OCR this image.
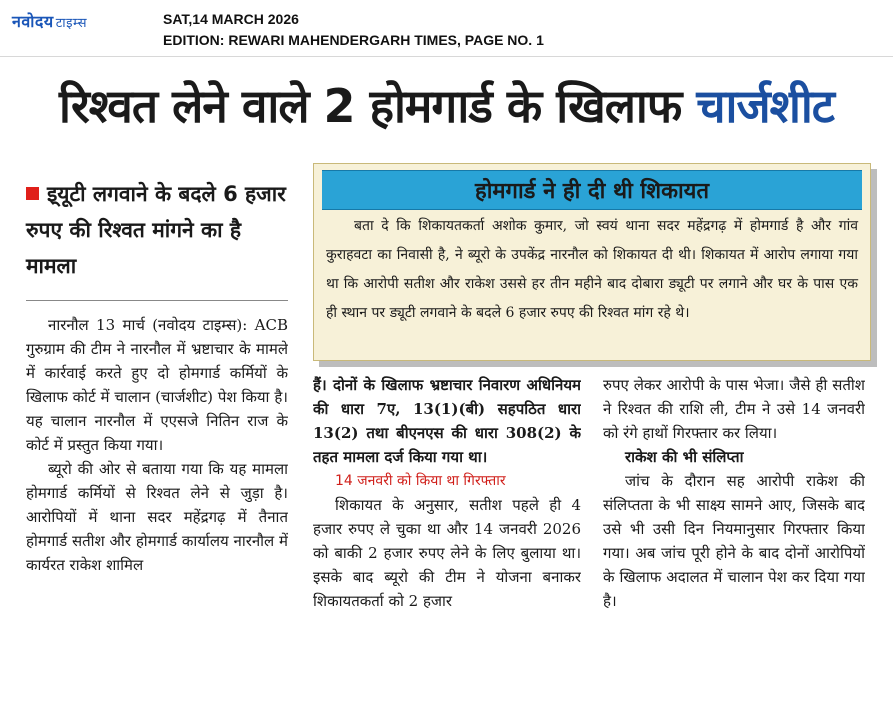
नवोदय टाइम्स	SAT,14 MARCH 2026
EDITION: REWARI MAHENDERGARH TIMES, PAGE NO. 1
रिश्वत लेने वाले 2 होमगार्ड के खिलाफ
चार्जशीट
इ्यूटी लगवाने के बदले 6 हजार रुपए की रिश्वत मांगने का है मामला

नारनौल 13 मार्च (नवोदय टाइम्स): ACB गुरुग्राम की टीम ने नारनौल में भ्रष्टाचार के मामले में कार्रवाई करते हुए दो होमगार्ड कर्मियों के खिलाफ कोर्ट में चालान (चार्जशीट) पेश किया है। यह चालान नारनौल में एएसजे नितिन राज के कोर्ट में प्रस्तुत किया गया।

ब्यूरो की ओर से बताया गया कि यह मामला होमगार्ड कर्मियों से रिश्वत लेने से जुड़ा है। आरोपियों में थाना सदर महेंद्रगढ़ में तैनात होमगार्ड सतीश और होमगार्ड कार्यालय नारनौल में कार्यरत राकेश शामिल

होमगार्ड ने ही दी थी शिकायत

बता दे कि शिकायतकर्ता अशोक कुमार, जो स्वयं थाना सदर महेंद्रगढ़ में होमगार्ड है और गांव कुराहवटा का निवासी है, ने ब्यूरो के उपकेंद्र नारनौल को शिकायत दी थी। शिकायत में आरोप लगाया गया था कि आरोपी सतीश और राकेश उससे हर तीन महीने बाद दोबारा ड्यूटी पर लगाने और घर के पास एक ही स्थान पर ड्यूटी लगवाने के बदले 6 हजार रुपए की रिश्वत मांग रहे थे।

हैं। दोनों के खिलाफ भ्रष्टाचार निवारण अधिनियम की धारा 7ए, 13(1)(बी) सहपठित धारा 13(2) तथा बीएनएस की धारा 308(2) के तहत मामला दर्ज किया गया था।

14 जनवरी को किया था गिरफ्तार

शिकायत के अनुसार, सतीश पहले ही 4 हजार रुपए ले चुका था और 14 जनवरी 2026 को बाकी 2 हजार रुपए लेने के लिए बुलाया था। इसके बाद ब्यूरो की टीम ने योजना बनाकर शिकायतकर्ता को 2 हजार

रुपए लेकर आरोपी के पास भेजा। जैसे ही सतीश ने रिश्वत की राशि ली, टीम ने उसे 14 जनवरी को रंगे हाथों गिरफ्तार कर लिया।

राकेश की भी संलिप्ता

जांच के दौरान सह आरोपी राकेश की संलिप्तता के भी साक्ष्य सामने आए, जिसके बाद उसे भी उसी दिन नियमानुसार गिरफ्तार किया गया। अब जांच पूरी होने के बाद दोनों आरोपियों के खिलाफ अदालत में चालान पेश कर दिया गया है।
